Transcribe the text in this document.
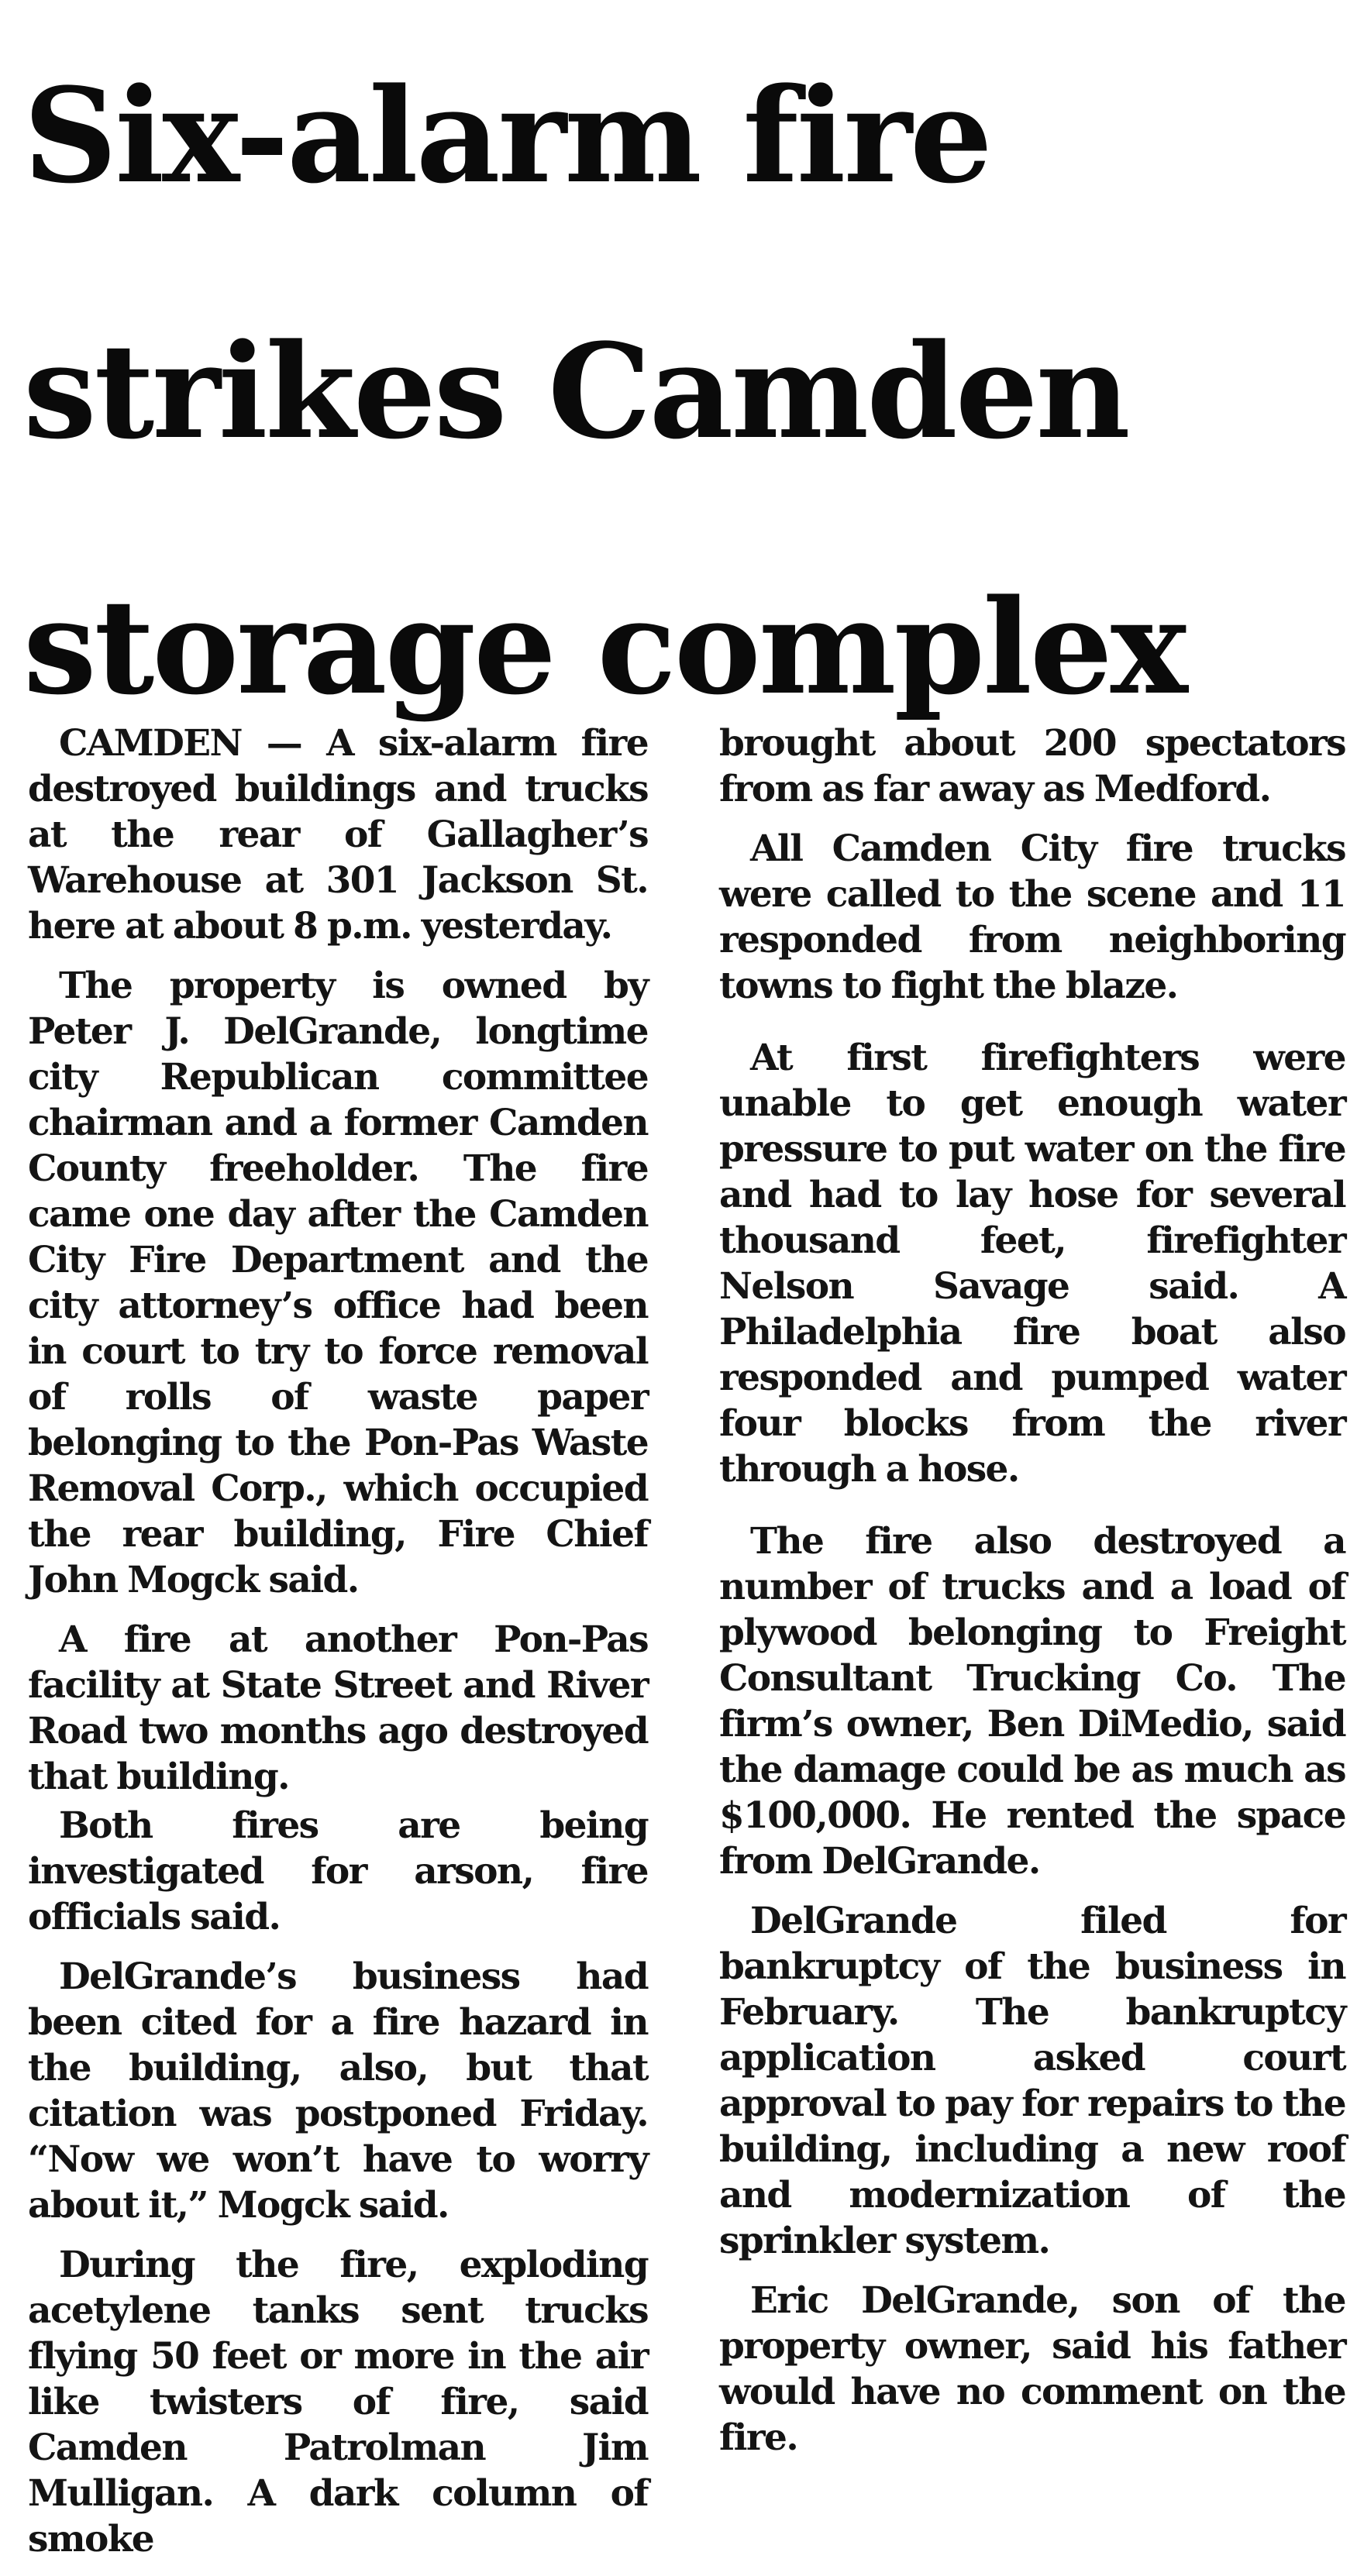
Six-alarm fire
strikes Camden
storage complex

CAMDEN — A six-alarm fire destroyed buildings and trucks at the rear of Gallagher’s Warehouse at 301 Jackson St. here at about 8 p.m. yesterday.

The property is owned by Peter J. DelGrande, longtime city Republican committee chairman and a former Camden County freeholder. The fire came one day after the Camden City Fire Department and the city attorney’s office had been in court to try to force removal of rolls of waste paper belonging to the Pon-Pas Waste Removal Corp., which occupied the rear building, Fire Chief John Mogck said.

A fire at another Pon-Pas facility at State Street and River Road two months ago destroyed that building.

Both fires are being investigated for arson, fire officials said.

DelGrande’s business had been cited for a fire hazard in the building, also, but that citation was postponed Friday. “Now we won’t have to worry about it,” Mogck said.

During the fire, exploding acetylene tanks sent trucks flying 50 feet or more in the air like twisters of fire, said Camden Patrolman Jim Mulligan. A dark column of smoke

brought about 200 spectators from as far away as Medford.

All Camden City fire trucks were called to the scene and 11 responded from neighboring towns to fight the blaze.

At first firefighters were unable to get enough water pressure to put water on the fire and had to lay hose for several thousand feet, firefighter Nelson Savage said. A Philadelphia fire boat also responded and pumped water four blocks from the river through a hose.

The fire also destroyed a number of trucks and a load of plywood belonging to Freight Consultant Trucking Co. The firm’s owner, Ben DiMedio, said the damage could be as much as $100,000. He rented the space from DelGrande.

DelGrande filed for bankruptcy of the business in February. The bankruptcy application asked court approval to pay for repairs to the building, including a new roof and modernization of the sprinkler system.

Eric DelGrande, son of the property owner, said his father would have no comment on the fire.
